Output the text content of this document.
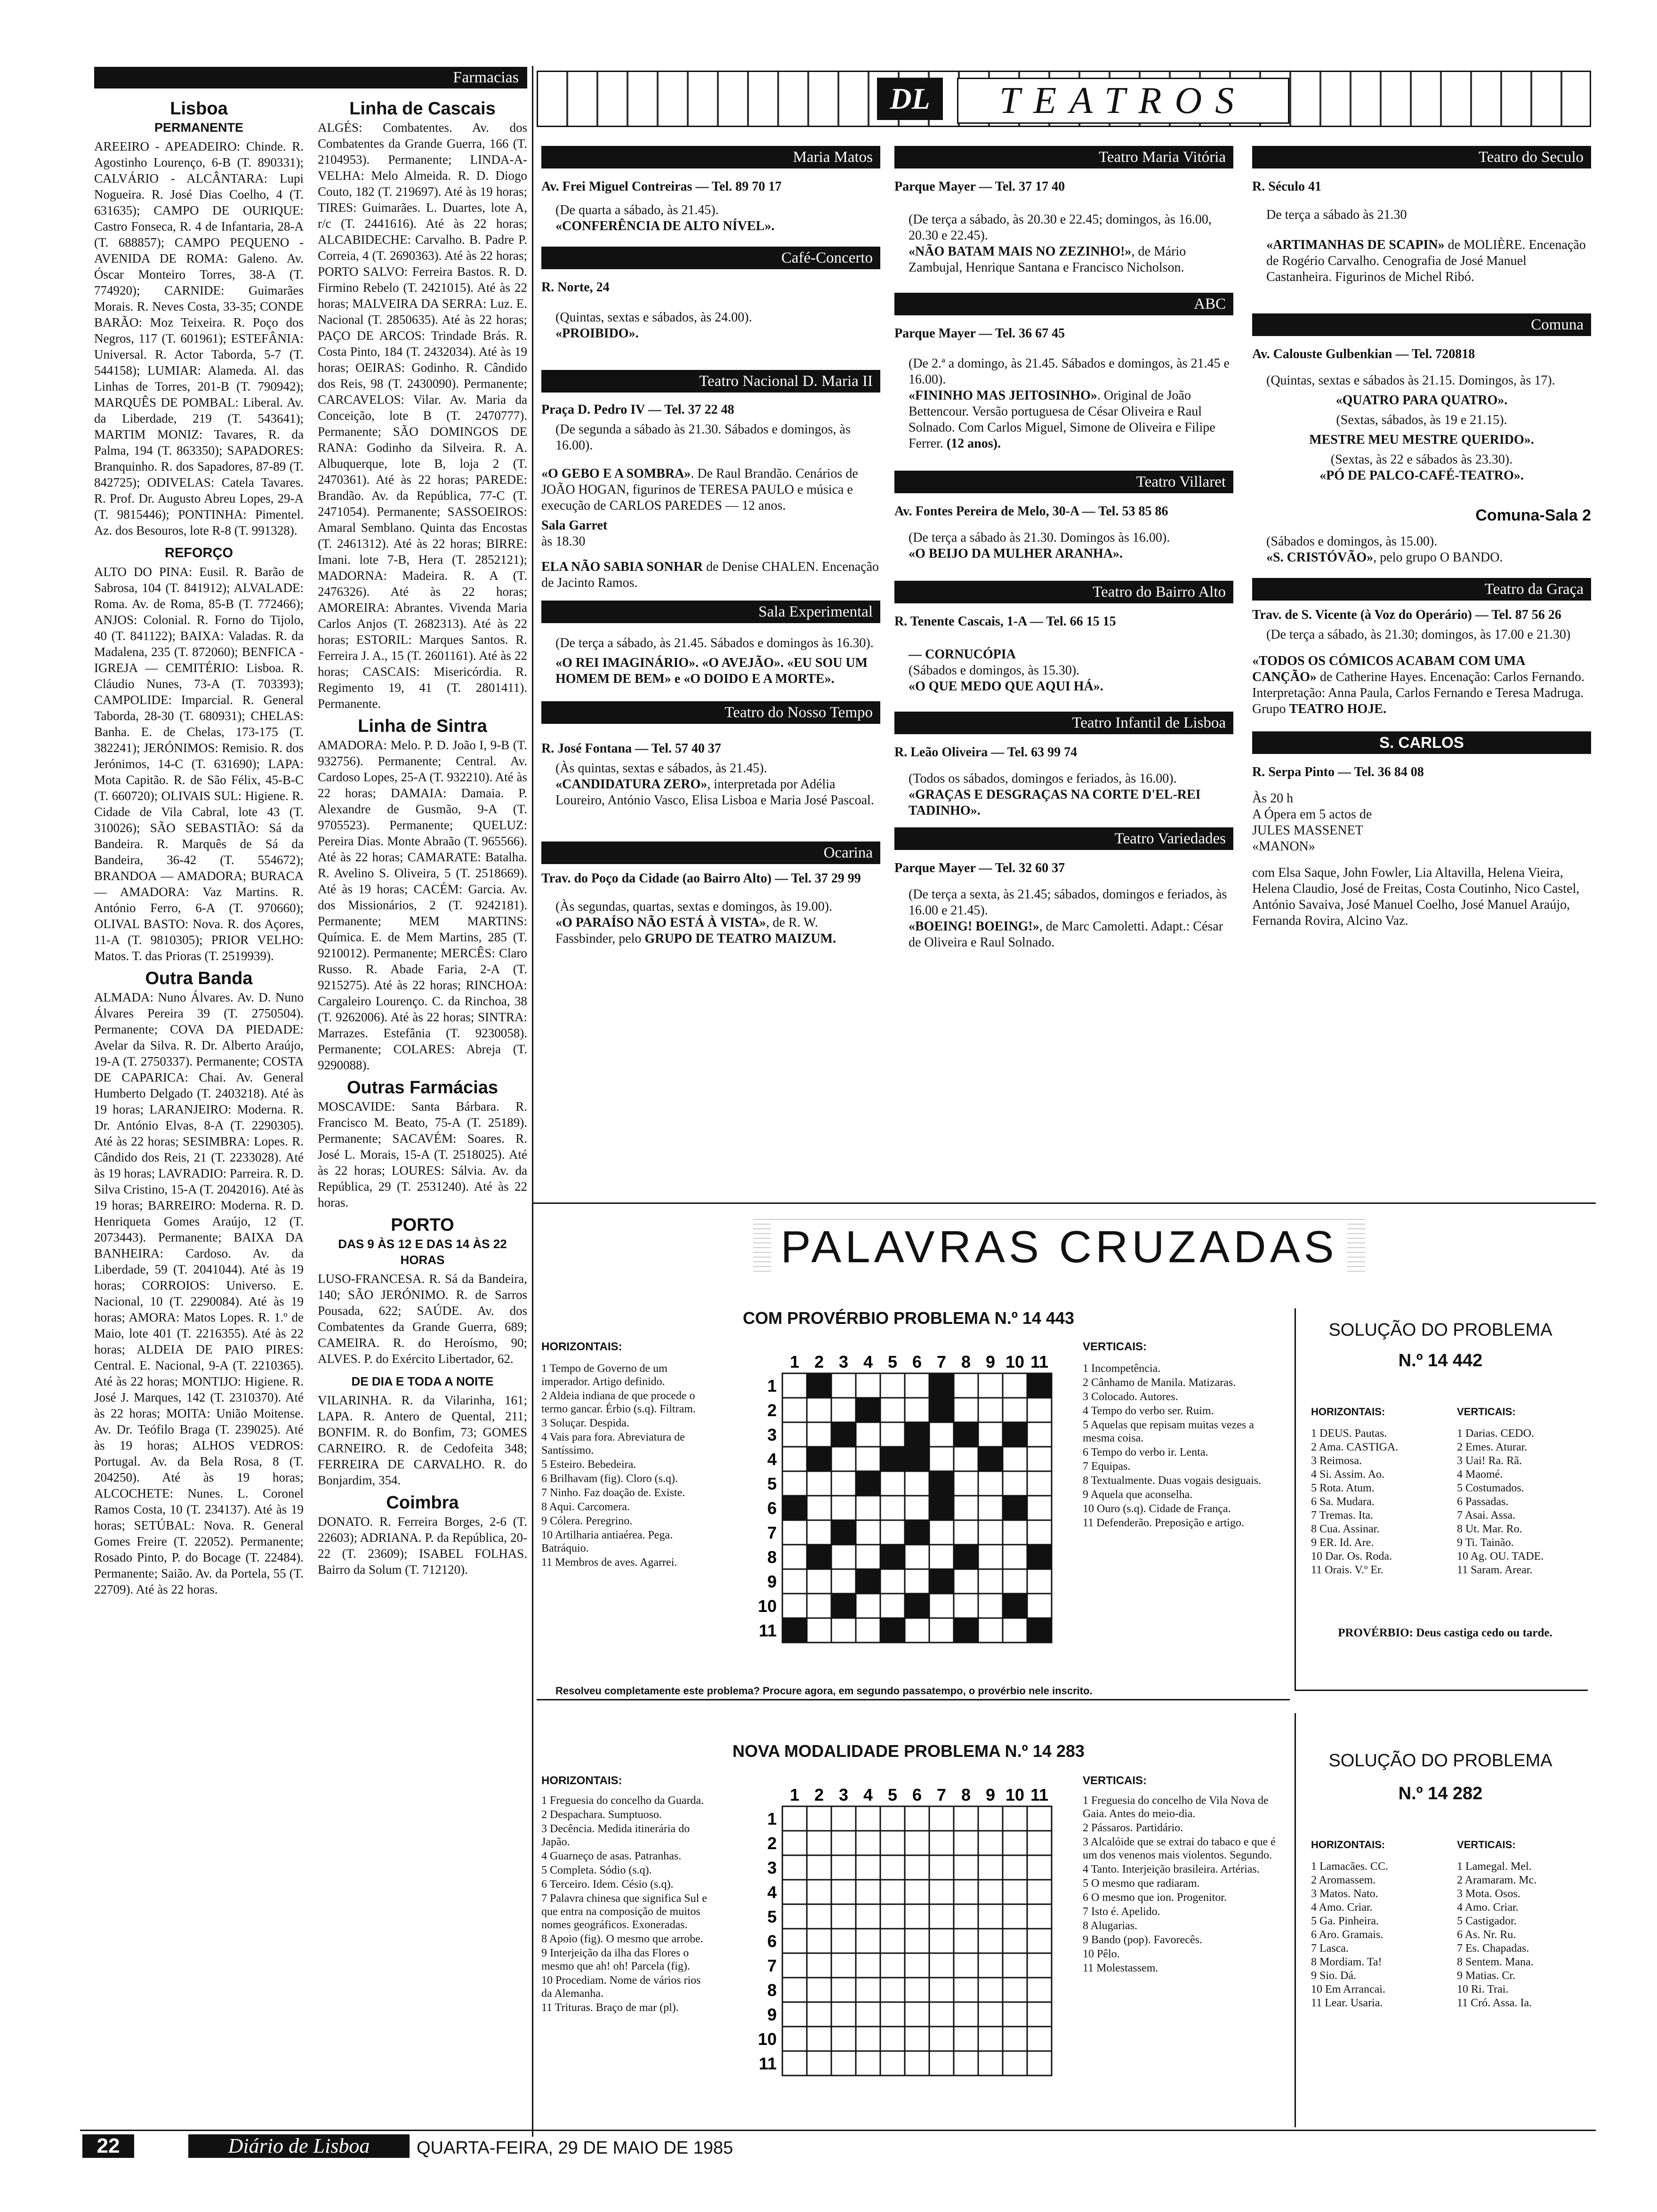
Farmacias
Lisboa
PERMANENTE

AREEIRO - APEADEIRO: Chinde. R. Agostinho Lourenço, 6-B (T. 890331); CALVÁRIO - ALCÂNTARA: Lupi Nogueira. R. José Dias Coelho, 4 (T. 631635); CAMPO DE OURIQUE: Castro Fonseca, R. 4 de Infantaria, 28-A (T. 688857); CAMPO PEQUENO - AVENIDA DE ROMA: Galeno. Av. Óscar Monteiro Torres, 38-A (T. 774920); CARNIDE: Guimarães Morais. R. Neves Costa, 33-35; CONDE BARÃO: Moz Teixeira. R. Poço dos Negros, 117 (T. 601961); ESTEFÂNIA: Universal. R. Actor Taborda, 5-7 (T. 544158); LUMIAR: Alameda. Al. das Linhas de Torres, 201-B (T. 790942); MARQUÊS DE POMBAL: Liberal. Av. da Liberdade, 219 (T. 543641); MARTIM MONIZ: Tavares, R. da Palma, 194 (T. 863350); SAPADORES: Branquinho. R. dos Sapadores, 87-89 (T. 842725); ODIVELAS: Catela Tavares. R. Prof. Dr. Augusto Abreu Lopes, 29-A (T. 9815446); PONTINHA: Pimentel. Az. dos Besouros, lote R-8 (T. 991328).

REFORÇO

ALTO DO PINA: Eusil. R. Barão de Sabrosa, 104 (T. 841912); ALVALADE: Roma. Av. de Roma, 85-B (T. 772466); ANJOS: Colonial. R. Forno do Tijolo, 40 (T. 841122); BAIXA: Valadas. R. da Madalena, 235 (T. 872060); BENFICA -IGREJA — CEMITÉRIO: Lisboa. R. Cláudio Nunes, 73-A (T. 703393); CAMPOLIDE: Imparcial. R. General Taborda, 28-30 (T. 680931); CHELAS: Banha. E. de Chelas, 173-175 (T. 382241); JERÓNIMOS: Remisio. R. dos Jerónimos, 14-C (T. 631690); LAPA: Mota Capitão. R. de São Félix, 45-B-C (T. 660720); OLIVAIS SUL: Higiene. R. Cidade de Vila Cabral, lote 43 (T. 310026); SÃO SEBASTIÃO: Sá da Bandeira. R. Marquês de Sá da Bandeira, 36-42 (T. 554672); BRANDOA — AMADORA; BURACA — AMADORA: Vaz Martins. R. António Ferro, 6-A (T. 970660); OLIVAL BASTO: Nova. R. dos Açores, 11-A (T. 9810305); PRIOR VELHO: Matos. T. das Prioras (T. 2519939).

Outra Banda

ALMADA: Nuno Álvares. Av. D. Nuno Álvares Pereira 39 (T. 2750504). Permanente; COVA DA PIEDADE: Avelar da Silva. R. Dr. Alberto Araújo, 19-A (T. 2750337). Permanente; COSTA DE CAPARICA: Chai. Av. General Humberto Delgado (T. 2403218). Até às 19 horas; LARANJEIRO: Moderna. R. Dr. António Elvas, 8-A (T. 2290305). Até às 22 horas; SESIMBRA: Lopes. R. Cândido dos Reis, 21 (T. 2233028). Até às 19 horas; LAVRADIO: Parreira. R. D. Silva Cristino, 15-A (T. 2042016). Até às 19 horas; BARREIRO: Moderna. R. D. Henriqueta Gomes Araújo, 12 (T. 2073443). Permanente; BAIXA DA BANHEIRA: Cardoso. Av. da Liberdade, 59 (T. 2041044). Até às 19 horas; CORROIOS: Universo. E. Nacional, 10 (T. 2290084). Até às 19 horas; AMORA: Matos Lopes. R. 1.º de Maio, lote 401 (T. 2216355). Até às 22 horas; ALDEIA DE PAIO PIRES: Central. E. Nacional, 9-A (T. 2210365). Até às 22 horas; MONTIJO: Higiene. R. José J. Marques, 142 (T. 2310370). Até às 22 horas; MOITA: União Moitense. Av. Dr. Teófilo Braga (T. 239025). Até às 19 horas; ALHOS VEDROS: Portugal. Av. da Bela Rosa, 8 (T. 204250). Até às 19 horas; ALCOCHETE: Nunes. L. Coronel Ramos Costa, 10 (T. 234137). Até às 19 horas; SETÚBAL: Nova. R. General Gomes Freire (T. 22052). Permanente; Rosado Pinto, P. do Bocage (T. 22484). Permanente; Saião. Av. da Portela, 55 (T. 22709). Até às 22 horas.

Linha de Cascais

ALGÉS: Combatentes. Av. dos Combatentes da Grande Guerra, 166 (T. 2104953). Permanente; LINDA-A-VELHA: Melo Almeida. R. D. Diogo Couto, 182 (T. 219697). Até às 19 horas; TIRES: Guimarães. L. Duartes, lote A, r/c (T. 2441616). Até às 22 horas; ALCABIDECHE: Carvalho. B. Padre P. Correia, 4 (T. 2690363). Até às 22 horas; PORTO SALVO: Ferreira Bastos. R. D. Firmino Rebelo (T. 2421015). Até às 22 horas; MALVEIRA DA SERRA: Luz. E. Nacional (T. 2850635). Até às 22 horas; PAÇO DE ARCOS: Trindade Brás. R. Costa Pinto, 184 (T. 2432034). Até às 19 horas; OEIRAS: Godinho. R. Cândido dos Reis, 98 (T. 2430090). Permanente; CARCAVELOS: Vilar. Av. Maria da Conceição, lote B (T. 2470777). Permanente; SÃO DOMINGOS DE RANA: Godinho da Silveira. R. A. Albuquerque, lote B, loja 2 (T. 2470361). Até às 22 horas; PAREDE: Brandão. Av. da República, 77-C (T. 2471054). Permanente; SASSOEIROS: Amaral Semblano. Quinta das Encostas (T. 2461312). Até às 22 horas; BIRRE: Imani. lote 7-B, Hera (T. 2852121); MADORNA: Madeira. R. A (T. 2476326). Até às 22 horas; AMOREIRA: Abrantes. Vivenda Maria Carlos Anjos (T. 2682313). Até às 22 horas; ESTORIL: Marques Santos. R. Ferreira J. A., 15 (T. 2601161). Até às 22 horas; CASCAIS: Misericórdia. R. Regimento 19, 41 (T. 2801411). Permanente.

Linha de Sintra

AMADORA: Melo. P. D. João I, 9-B (T. 932756). Permanente; Central. Av. Cardoso Lopes, 25-A (T. 932210). Até às 22 horas; DAMAIA: Damaia. P. Alexandre de Gusmão, 9-A (T. 9705523). Permanente; QUELUZ: Pereira Dias. Monte Abraão (T. 965566). Até às 22 horas; CAMARATE: Batalha. R. Avelino S. Oliveira, 5 (T. 2518669). Até às 19 horas; CACÉM: Garcia. Av. dos Missionários, 2 (T. 9242181). Permanente; MEM MARTINS: Química. E. de Mem Martins, 285 (T. 9210012). Permanente; MERCÊS: Claro Russo. R. Abade Faria, 2-A (T. 9215275). Até às 22 horas; RINCHOA: Cargaleiro Lourenço. C. da Rinchoa, 38 (T. 9262006). Até às 22 horas; SINTRA: Marrazes. Estefânia (T. 9230058). Permanente; COLARES: Abreja (T. 9290088).

Outras Farmácias

MOSCAVIDE: Santa Bárbara. R. Francisco M. Beato, 75-A (T. 25189). Permanente; SACAVÉM: Soares. R. José L. Morais, 15-A (T. 2518025). Até às 22 horas; LOURES: Sálvia. Av. da República, 29 (T. 2531240). Até às 22 horas.

PORTO
DAS 9 ÀS 12 E DAS 14 ÀS 22 HORAS

LUSO-FRANCESA. R. Sá da Bandeira, 140; SÃO JERÓNIMO. R. de Sarros Pousada, 622; SAÚDE. Av. dos Combatentes da Grande Guerra, 689; CAMEIRA. R. do Heroísmo, 90; ALVES. P. do Exército Libertador, 62.

DE DIA E TODA A NOITE

VILARINHA. R. da Vilarinha, 161; LAPA. R. Antero de Quental, 211; BONFIM. R. do Bonfim, 73; GOMES CARNEIRO. R. de Cedofeita 348; FERREIRA DE CARVALHO. R. do Bonjardim, 354.

Coimbra

DONATO. R. Ferreira Borges, 2-6 (T. 22603); ADRIANA. P. da República, 20-22 (T. 23609); ISABEL FOLHAS. Bairro da Solum (T. 712120).

DL	TEATROS
Maria Matos

Av. Frei Miguel Contreiras — Tel. 89 70 17

(De quarta a sábado, às 21.45).

«CONFERÊNCIA DE ALTO NÍVEL».

Café-Concerto

R. Norte, 24

(Quintas, sextas e sábados, às 24.00).

«PROIBIDO».

Teatro Nacional D. Maria II

Praça D. Pedro IV — Tel. 37 22 48

(De segunda a sábado às 21.30. Sábados e domingos, às 16.00).

«O GEBO E A SOMBRA». De Raul Brandão. Cenários de JOÃO HOGAN, figurinos de TERESA PAULO e música e execução de CARLOS PAREDES — 12 anos.

Sala Garret

às 18.30

ELA NÃO SABIA SONHAR de Denise CHALEN. Encenação de Jacinto Ramos.

Sala Experimental

(De terça a sábado, às 21.45. Sábados e domingos às 16.30).

«O REI IMAGINÁRIO». «O AVEJÃO». «EU SOU UM HOMEM DE BEM» e «O DOIDO E A MORTE».

Teatro do Nosso Tempo

R. José Fontana — Tel. 57 40 37

(Às quintas, sextas e sábados, às 21.45).

«CANDIDATURA ZERO», interpretada por Adélia Loureiro, António Vasco, Elisa Lisboa e Maria José Pascoal.

Ocarina

Trav. do Poço da Cidade (ao Bairro Alto) — Tel. 37 29 99

(Às segundas, quartas, sextas e domingos, às 19.00).

«O PARAÍSO NÃO ESTÁ À VISTA», de R. W. Fassbinder, pelo GRUPO DE TEATRO MAIZUM.

Teatro Maria Vitória

Parque Mayer — Tel. 37 17 40

(De terça a sábado, às 20.30 e 22.45; domingos, às 16.00, 20.30 e 22.45).

«NÃO BATAM MAIS NO ZEZINHO!», de Mário Zambujal, Henrique Santana e Francisco Nicholson.

ABC

Parque Mayer — Tel. 36 67 45

(De 2.ª a domingo, às 21.45. Sábados e domingos, às 21.45 e 16.00).

«FININHO MAS JEITOSINHO». Original de João Bettencour. Versão portuguesa de César Oliveira e Raul Solnado. Com Carlos Miguel, Simone de Oliveira e Filipe Ferrer. (12 anos).

Teatro Villaret

Av. Fontes Pereira de Melo, 30-A — Tel. 53 85 86

(De terça a sábado às 21.30. Domingos às 16.00).

«O BEIJO DA MULHER ARANHA».

Teatro do Bairro Alto

R. Tenente Cascais, 1-A — Tel. 66 15 15

— CORNUCÓPIA

(Sábados e domingos, às 15.30).

«O QUE MEDO QUE AQUI HÁ».

Teatro Infantil de Lisboa

R. Leão Oliveira — Tel. 63 99 74

(Todos os sábados, domingos e feriados, às 16.00).

«GRAÇAS E DESGRAÇAS NA CORTE D'EL-REI TADINHO».

Teatro Variedades

Parque Mayer — Tel. 32 60 37

(De terça a sexta, às 21.45; sábados, domingos e feriados, às 16.00 e 21.45).

«BOEING! BOEING!», de Marc Camoletti. Adapt.: César de Oliveira e Raul Solnado.

Teatro do Seculo

R. Século 41

De terça a sábado às 21.30

«ARTIMANHAS DE SCAPIN» de MOLIÈRE. Encenação de Rogério Carvalho. Cenografia de José Manuel Castanheira. Figurinos de Michel Ribó.

Comuna

Av. Calouste Gulbenkian — Tel. 720818

(Quintas, sextas e sábados às 21.15. Domingos, às 17).

«QUATRO PARA QUATRO».

(Sextas, sábados, às 19 e 21.15).

MESTRE MEU MESTRE QUERIDO».

(Sextas, às 22 e sábados às 23.30).

«PÓ DE PALCO-CAFÉ-TEATRO».

Comuna-Sala 2

(Sábados e domingos, às 15.00).

«S. CRISTÓVÃO», pelo grupo O BANDO.

Teatro da Graça

Trav. de S. Vicente (à Voz do Operário) — Tel. 87 56 26

(De terça a sábado, às 21.30; domingos, às 17.00 e 21.30)

«TODOS OS CÓMICOS ACABAM COM UMA CANÇÃO» de Catherine Hayes. Encenação: Carlos Fernando. Interpretação: Anna Paula, Carlos Fernando e Teresa Madruga. Grupo TEATRO HOJE.

S. CARLOS

R. Serpa Pinto — Tel. 36 84 08

Às 20 h

A Ópera em 5 actos de

JULES MASSENET

«MANON»

com Elsa Saque, John Fowler, Lia Altavilla, Helena Vieira, Helena Claudio, José de Freitas, Costa Coutinho, Nico Castel, António Savaiva, José Manuel Coelho, José Manuel Araújo, Fernanda Rovira, Alcino Vaz.

PALAVRAS CRUZADAS
COM PROVÉRBIO PROBLEMA N.º 14 443
HORIZONTAIS:
1 Tempo de Governo de um imperador. Artigo definido.
2 Aldeia indiana de que procede o termo gancar. Érbio (s.q). Filtram.
3 Soluçar. Despida.
4 Vais para fora. Abreviatura de Santíssimo.
5 Esteiro. Bebedeira.
6 Brilhavam (fig). Cloro (s.q).
7 Ninho. Faz doação de. Existe.
8 Aqui. Carcomera.
9 Cólera. Peregrino.
10 Artilharia antiaérea. Pega. Batráquio.
11 Membros de aves. Agarrei.
1 2 3 4 5 6 7 8 9 10 11
1
2
3
4
5
6
7
8
9
10
11
VERTICAIS:
1 Incompetência.
2 Cânhamo de Manila. Matizaras.
3 Colocado. Autores.
4 Tempo do verbo ser. Ruim.
5 Aquelas que repisam muitas vezes a mesma coisa.
6 Tempo do verbo ir. Lenta.
7 Equipas.
8 Textualmente. Duas vogais desiguais.
9 Aquela que aconselha.
10 Ouro (s.q). Cidade de França.
11 Defenderão. Preposição e artigo.
Resolveu completamente este problema? Procure agora, em segundo passatempo, o provérbio nele inscrito.
SOLUÇÃO DO PROBLEMA
N.º 14 442
HORIZONTAIS:
1 DEUS. Pautas.
2 Ama. CASTIGA.
3 Reimosa.
4 Si. Assim. Ao.
5 Rota. Atum.
6 Sa. Mudara.
7 Tremas. Ita.
8 Cua. Assinar.
9 ER. Id. Are.
10 Dar. Os. Roda.
11 Orais. V.º Er.
VERTICAIS:
1 Darias. CEDO.
2 Emes. Aturar.
3 Uai! Ra. Rã.
4 Maomé.
5 Costumados.
6 Passadas.
7 Asai. Assa.
8 Ut. Mar. Ro.
9 Ti. Tainão.
10 Ag. OU. TADE.
11 Saram. Arear.
PROVÉRBIO: Deus castiga cedo ou tarde.
NOVA MODALIDADE PROBLEMA N.º 14 283
HORIZONTAIS:
1 Freguesia do concelho da Guarda.
2 Despachara. Sumptuoso.
3 Decência. Medida itinerária do Japão.
4 Guarneço de asas. Patranhas.
5 Completa. Sódio (s.q).
6 Terceiro. Idem. Césio (s.q).
7 Palavra chinesa que significa Sul e que entra na composição de muitos nomes geográficos. Exoneradas.
8 Apoio (fig). O mesmo que arrobe.
9 Interjeição da ilha das Flores o mesmo que ah! oh! Parcela (fig).
10 Procediam. Nome de vários rios da Alemanha.
11 Trituras. Braço de mar (pl).
1 2 3 4 5 6 7 8 9 10 11
1
2
3
4
5
6
7
8
9
10
11
VERTICAIS:
1 Freguesia do concelho de Vila Nova de Gaia. Antes do meio-dia.
2 Pássaros. Partidário.
3 Alcalóide que se extrai do tabaco e que é um dos venenos mais violentos. Segundo.
4 Tanto. Interjeição brasileira. Artérias.
5 O mesmo que radiaram.
6 O mesmo que ion. Progenitor.
7 Isto é. Apelido.
8 Alugarias.
9 Bando (pop). Favorecês.
10 Pêlo.
11 Molestassem.
SOLUÇÃO DO PROBLEMA
N.º 14 282
HORIZONTAIS:
1 Lamacães. CC.
2 Aromassem.
3 Matos. Nato.
4 Amo. Criar.
5 Ga. Pinheira.
6 Aro. Gramais.
7 Lasca.
8 Mordiam. Ta!
9 Sio. Dá.
10 Em Arrancai.
11 Lear. Usaria.
VERTICAIS:
1 Lamegal. Mel.
2 Aramaram. Mc.
3 Mota. Osos.
4 Amo. Criar.
5 Castigador.
6 As. Nr. Ru.
7 Es. Chapadas.
8 Sentem. Mana.
9 Matias. Cr.
10 Ri. Trai.
11 Cró. Assa. Ia.
22	Diário de Lisboa	QUARTA-FEIRA, 29 DE MAIO DE 1985
